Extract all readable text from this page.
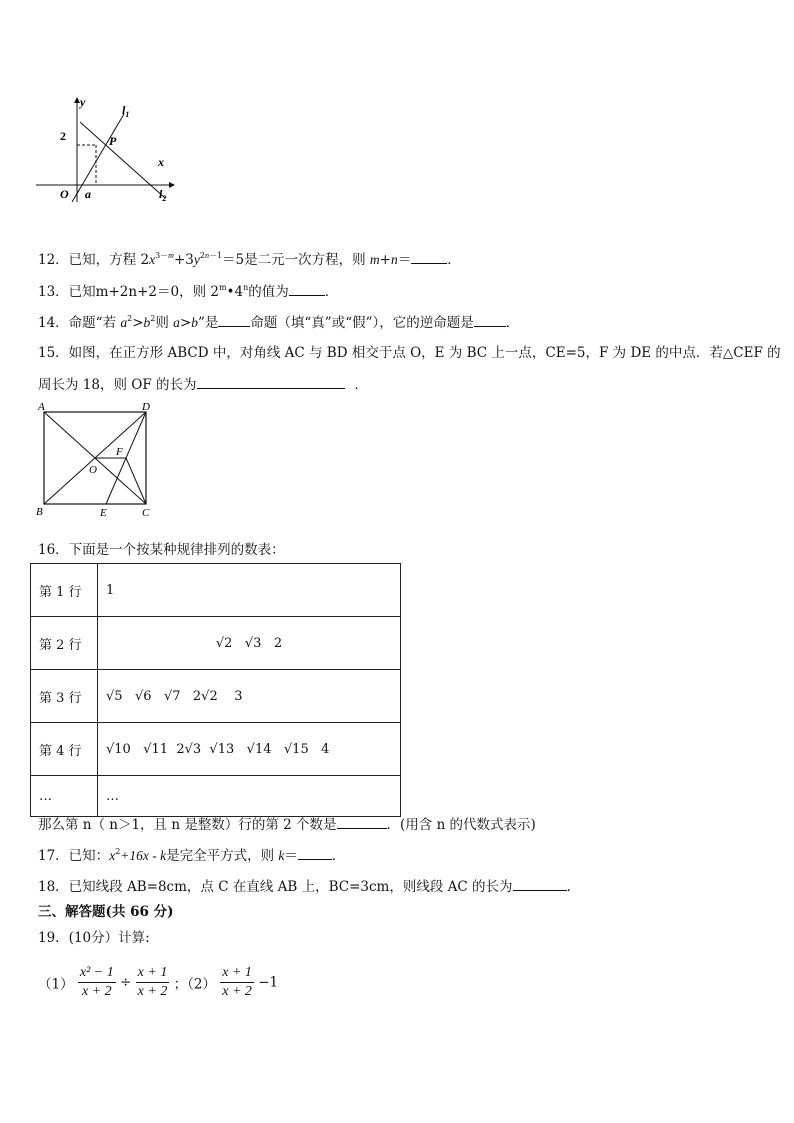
y
x
$l_1$
$l_2$
O a
P
2
12．已知，方程 $2x^{3-m}+3y^{2n-1}=5$是二元一次方程，则 m+n＝	．
13．已知m+2n+2＝0，则 2$^m$•4$^n$的值为	．
14．命题“若 $a^2>b^2$则 a>b”是 命题（填“真”或“假”），它的逆命题是 ．
15．如图，在正方形 ABCD 中，对角线 AC 与 BD 相交于点 O，E 为 BC 上一点，CE=5，F 为 DE 的中点．若△CEF 的
周长为 18，则 OF 的长为	．
A	D
B	C
E
F
O
16．下面是一个按某种规律排列的数表：
第 1 行	1
第 2 行	√2 √3 2
第 3 行	√5 √6 √7 2√2 3
第 4 行	√10 √11 2√3 √13 √14 √15 4
…	…
那么第 n（ n＞1，且 n 是整数）行的第 2 个数是	．(用含 n 的代数式表示)
17．已知：$x^2+16x - k$是完全平方式，则 k＝	．
18．已知线段 AB=8cm，点 C 在直线 AB 上，BC=3cm，则线段 AC 的长为	.
三、解答题(共 66 分)
19．(10分）计算:
$(1) \frac{\text{x² − 1}}{x + 2} \div \frac{x + 1}{x + 2}$ ；$(2) \frac{x + 1}{x + 2} -1$
